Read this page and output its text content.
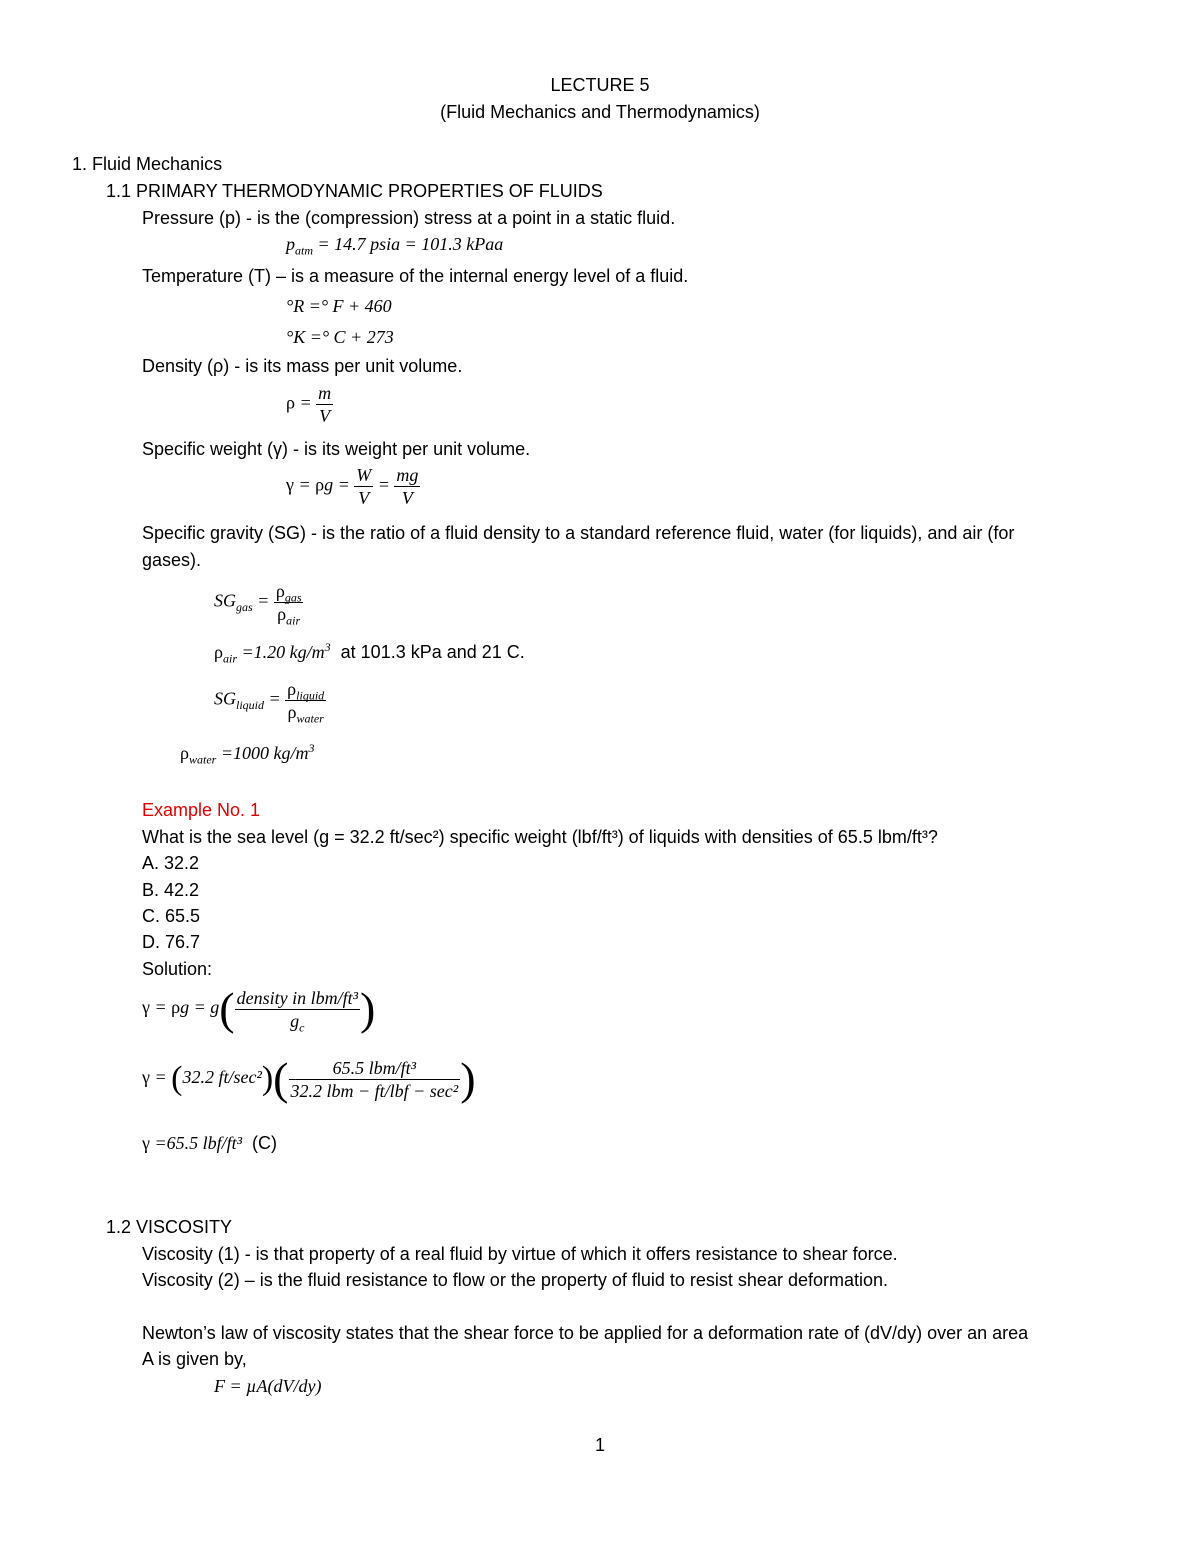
LECTURE 5
(Fluid Mechanics and Thermodynamics)
1. Fluid Mechanics
1.1 PRIMARY THERMODYNAMIC PROPERTIES OF FLUIDS
Pressure (p) - is the (compression) stress at a point in a static fluid.
$p_{atm} = 14.7$ psia = 101.3 kPaa
Temperature (T) – is a measure of the internal energy level of a fluid.
°R =° F + 460
°K =° C + 273
Density (ρ) - is its mass per unit volume.
$\rho = \frac{m}{V}$
Specific weight (γ) - is its weight per unit volume.
$\gamma = \rho g = \frac{W}{V} = \frac{mg}{V}$
Specific gravity (SG) - is the ratio of a fluid density to a standard reference fluid, water (for liquids), and air (for
gases).
$SG_{gas} = \frac{\rho_{gas}}{\rho_{air}}$
$\rho_{air} =1.20$ $kg/m^3$ at 101.3 kPa and 21 C.
$SG_{liquid} = \frac{\rho_{liquid}}{\rho_{water}}$
$\rho_{water} =1000$ $kg/m^3$
Example No. 1
What is the sea level (g = 32.2 ft/sec²) specific weight (lbf/ft³) of liquids with densities of 65.5 lbm/ft³?
A. 32.2
B. 42.2
C. 65.5
D. 76.7
Solution:
$\gamma = \rho g = g( \frac{\text{density in lbm/ft³}}{g_c}$ )
γ = (32.2 $ft/\sec^2)( \frac{\text{65.5 lbm/ft³}}{\text{32.2 lbm − ft/lbf − sec²}}$ )
γ =65.5 lbf/ft³ (C)
1.2 VISCOSITY
Viscosity (1) - is that property of a real fluid by virtue of which it offers resistance to shear force.
Viscosity (2) – is the fluid resistance to flow or the property of fluid to resist shear deformation.
Newton’s law of viscosity states that the shear force to be applied for a deformation rate of (dV/dy) over an area
A is given by,
F = µA(dV/dy)
1
